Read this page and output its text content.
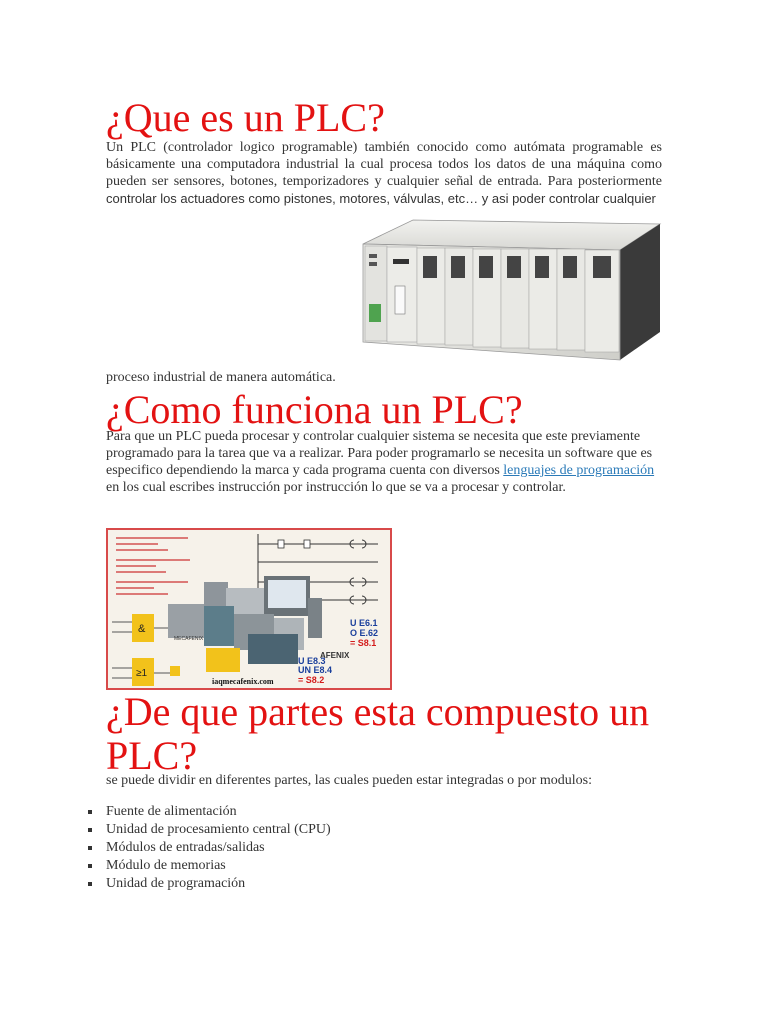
¿Que es un PLC?

Un PLC (controlador logico programable) también conocido como autómata programable es básicamente una computadora industrial la cual procesa todos los datos de una máquina como pueden ser sensores, botones, temporizadores y cualquier señal de entrada. Para posteriormente controlar los actuadores como pistones, motores, válvulas, etc… y asi poder controlar cualquier

proceso industrial de manera automática.

¿Como funciona un PLC?

Para que un PLC pueda procesar y controlar cualquier sistema se necesita que este previamente programado para la tarea que va a realizar. Para poder programarlo se necesita un software que es especifico dependiendo la marca y cada programa cuenta con diversos lenguajes de programación en los cual escribes instrucción por instrucción lo que se va a procesar y controlar.

&
≥1
MECAFENIX
AFENIX
U E6.1
O E.62
= S8.1
U E8.3
UN E8.4
= S8.2
iaqmecafenix.com
¿De que partes esta compuesto un PLC?

se puede dividir en diferentes partes, las cuales pueden estar integradas o por modulos:

Fuente de alimentación
Unidad de procesamiento central (CPU)
Módulos de entradas/salidas
Módulo de memorias
Unidad de programación
